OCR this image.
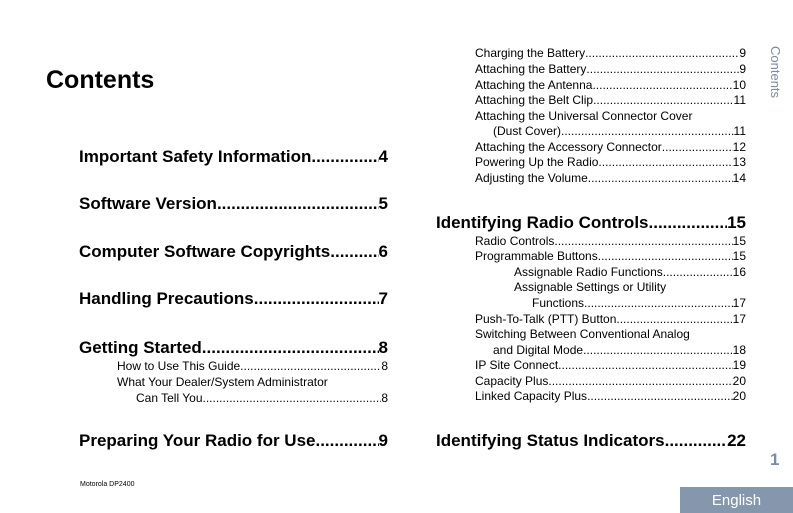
Contents	Contents
Important Safety Information .....	4
Software Version .....	5
Computer Software Copyrights .....	6
Handling Precautions .....	7
Getting Started .....	8
How to Use This Guide .....	8
What Your Dealer/System Administrator
Can Tell You .....	8
Preparing Your Radio for Use .....	9
Charging the Battery .....	9
Attaching the Battery .....	9
Attaching the Antenna .....	10
Attaching the Belt Clip .....	11
Attaching the Universal Connector Cover
(Dust Cover) .....	11
Attaching the Accessory Connector .....	12
Powering Up the Radio .....	13
Adjusting the Volume .....	14
Identifying Radio Controls .....	15
Radio Controls .....	15
Programmable Buttons .....	15
Assignable Radio Functions .....	16
Assignable Settings or Utility
Functions .....	17
Push-To-Talk (PTT) Button .....	17
Switching Between Conventional Analog
and Digital Mode .....	18
IP Site Connect .....	19
Capacity Plus .....	20
Linked Capacity Plus .....	20
Identifying Status Indicators .....	22
1
Motorola DP2400
English
